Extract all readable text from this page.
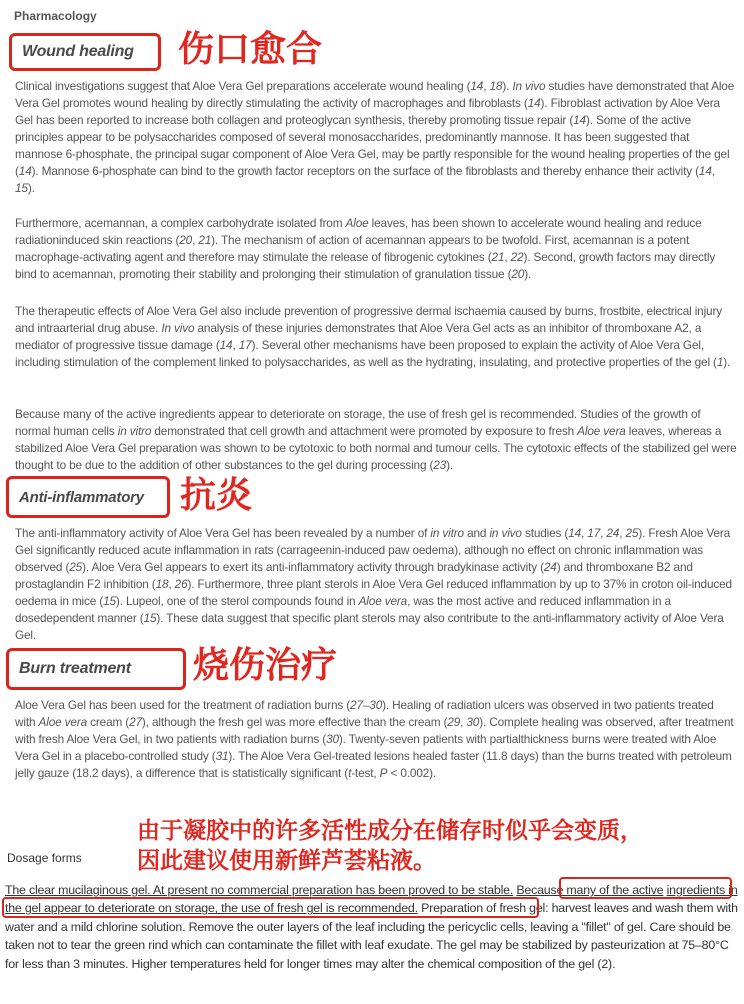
Pharmacology
Wound healing 伤口愈合
Clinical investigations suggest that Aloe Vera Gel preparations accelerate wound healing (14, 18). In vivo studies have demonstrated that Aloe Vera Gel promotes wound healing by directly stimulating the activity of macrophages and fibroblasts (14). Fibroblast activation by Aloe Vera Gel has been reported to increase both collagen and proteoglycan synthesis, thereby promoting tissue repair (14). Some of the active principles appear to be polysaccharides composed of several monosaccharides, predominantly mannose. It has been suggested that mannose 6-phosphate, the principal sugar component of Aloe Vera Gel, may be partly responsible for the wound healing properties of the gel (14). Mannose 6-phosphate can bind to the growth factor receptors on the surface of the fibroblasts and thereby enhance their activity (14, 15).
Furthermore, acemannan, a complex carbohydrate isolated from Aloe leaves, has been shown to accelerate wound healing and reduce radiationinduced skin reactions (20, 21). The mechanism of action of acemannan appears to be twofold. First, acemannan is a potent macrophage-activating agent and therefore may stimulate the release of fibrogenic cytokines (21, 22). Second, growth factors may directly bind to acemannan, promoting their stability and prolonging their stimulation of granulation tissue (20).
The therapeutic effects of Aloe Vera Gel also include prevention of progressive dermal ischaemia caused by burns, frostbite, electrical injury and intraarterial drug abuse. In vivo analysis of these injuries demonstrates that Aloe Vera Gel acts as an inhibitor of thromboxane A2, a mediator of progressive tissue damage (14, 17). Several other mechanisms have been proposed to explain the activity of Aloe Vera Gel, including stimulation of the complement linked to polysaccharides, as well as the hydrating, insulating, and protective properties of the gel (1).
Because many of the active ingredients appear to deteriorate on storage, the use of fresh gel is recommended. Studies of the growth of normal human cells in vitro demonstrated that cell growth and attachment were promoted by exposure to fresh Aloe vera leaves, whereas a stabilized Aloe Vera Gel preparation was shown to be cytotoxic to both normal and tumour cells. The cytotoxic effects of the stabilized gel were thought to be due to the addition of other substances to the gel during processing (23).
Anti-inflammatory 抗炎
The anti-inflammatory activity of Aloe Vera Gel has been revealed by a number of in vitro and in vivo studies (14, 17, 24, 25). Fresh Aloe Vera Gel significantly reduced acute inflammation in rats (carrageenin-induced paw oedema), although no effect on chronic inflammation was observed (25). Aloe Vera Gel appears to exert its anti-inflammatory activity through bradykinase activity (24) and thromboxane B2 and prostaglandin F2 inhibition (18, 26). Furthermore, three plant sterols in Aloe Vera Gel reduced inflammation by up to 37% in croton oil-induced oedema in mice (15). Lupeol, one of the sterol compounds found in Aloe vera, was the most active and reduced inflammation in a dosedependent manner (15). These data suggest that specific plant sterols may also contribute to the anti-inflammatory activity of Aloe Vera Gel.
Burn treatment 烧伤治疗
Aloe Vera Gel has been used for the treatment of radiation burns (27–30). Healing of radiation ulcers was observed in two patients treated with Aloe vera cream (27), although the fresh gel was more effective than the cream (29, 30). Complete healing was observed, after treatment with fresh Aloe Vera Gel, in two patients with radiation burns (30). Twenty-seven patients with partialthickness burns were treated with Aloe Vera Gel in a placebo-controlled study (31). The Aloe Vera Gel-treated lesions healed faster (11.8 days) than the burns treated with petroleum jelly gauze (18.2 days), a difference that is statistically significant (t-test, P < 0.002).
由于凝胶中的许多活性成分在储存时似乎会变质，
因此建议使用新鲜芦荟粘液。
Dosage forms
The clear mucilaginous gel. At present no commercial preparation has been proved to be stable. Because many of the active ingredients in the gel appear to deteriorate on storage, the use of fresh gel is recommended. Preparation of fresh gel: harvest leaves and wash them with water and a mild chlorine solution. Remove the outer layers of the leaf including the pericyclic cells, leaving a "fillet" of gel. Care should be taken not to tear the green rind which can contaminate the fillet with leaf exudate. The gel may be stabilized by pasteurization at 75–80°C for less than 3 minutes. Higher temperatures held for longer times may alter the chemical composition of the gel (2).
